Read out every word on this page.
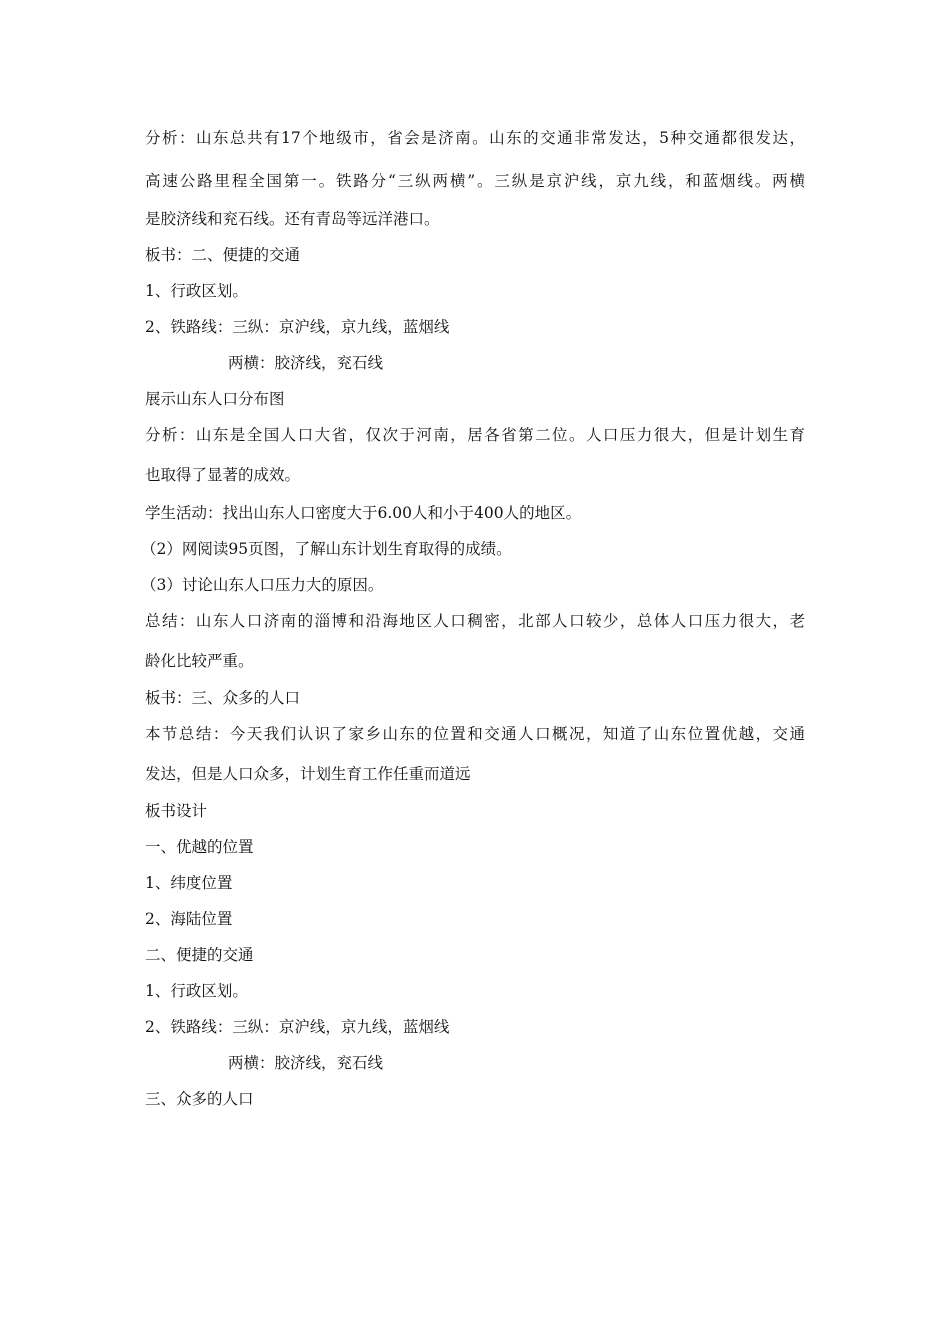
分析：山东总共有17个地级市，省会是济南。山东的交通非常发达，5种交通都很发达，
高速公路里程全国第一。铁路分“三纵两横”。三纵是京沪线，京九线，和蓝烟线。两横
是胶济线和兖石线。还有青岛等远洋港口。
板书：二、便捷的交通
1、行政区划。
2、铁路线：三纵：京沪线，京九线，蓝烟线
两横：胶济线，兖石线
展示山东人口分布图
分析：山东是全国人口大省，仅次于河南，居各省第二位。人口压力很大，但是计划生育
也取得了显著的成效。
学生活动：找出山东人口密度大于6.00人和小于400人的地区。
（2）网阅读95页图，了解山东计划生育取得的成绩。
（3）讨论山东人口压力大的原因。
总结：山东人口济南的淄博和沿海地区人口稠密，北部人口较少，总体人口压力很大，老
龄化比较严重。
板书：三、众多的人口
本节总结：今天我们认识了家乡山东的位置和交通人口概况，知道了山东位置优越，交通
发达，但是人口众多，计划生育工作任重而道远
板书设计
一、优越的位置
1、纬度位置
2、海陆位置
二、便捷的交通
1、行政区划。
2、铁路线：三纵：京沪线，京九线，蓝烟线
两横：胶济线，兖石线
三、众多的人口
